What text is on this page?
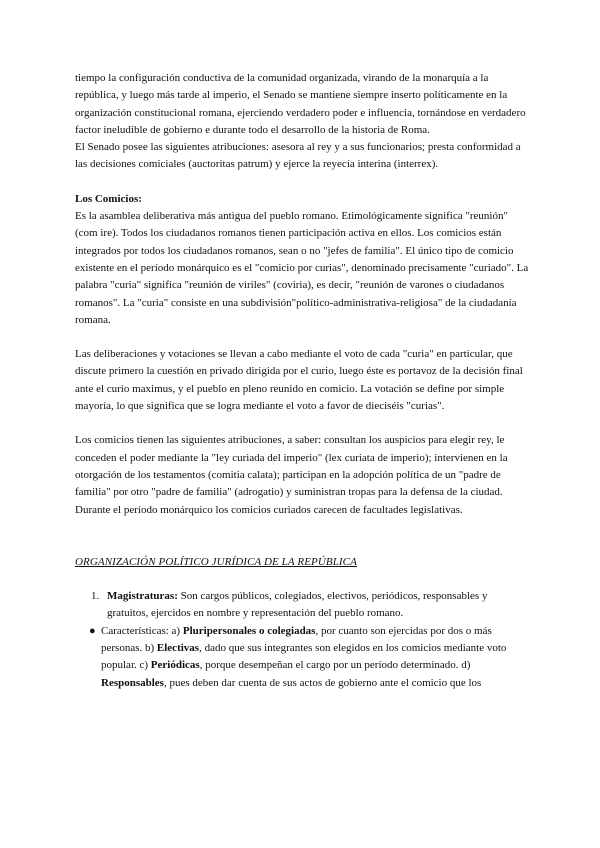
tiempo la configuración conductiva de la comunidad organizada, virando de la monarquía a la república, y luego más tarde al imperio, el Senado se mantiene siempre inserto políticamente en la organización constitucional romana, ejerciendo verdadero poder e influencia, tornándose en verdadero factor ineludible de gobierno e durante todo el desarrollo de la historia de Roma.

El Senado posee las siguientes atribuciones: asesora al rey y a sus funcionarios; presta conformidad a las decisiones comiciales (auctoritas patrum) y ejerce la reyecía interina (interrex).

Los Comicios:

Es la asamblea deliberativa más antigua del pueblo romano. Etimológicamente significa "reunión" (com ire). Todos los ciudadanos romanos tienen participación activa en ellos. Los comicios están integrados por todos los ciudadanos romanos, sean o no "jefes de familia". El único tipo de comicio existente en el período monárquico es el "comicio por curias", denominado precisamente "curiado". La palabra "curia" significa "reunión de viriles" (coviria), es decir, "reunión de varones o ciudadanos romanos". La "curia" consiste en una subdivisión"político-administrativa-religiosa" de la ciudadanía romana.

Las deliberaciones y votaciones se llevan a cabo mediante el voto de cada "curia" en particular, que discute primero la cuestión en privado dirigida por el curio, luego éste es portavoz de la decisión final ante el curio maximus, y el pueblo en pleno reunido en comicio. La votación se define por simple mayoría, lo que significa que se logra mediante el voto a favor de dieciséis "curias".

Los comicios tienen las siguientes atribuciones, a saber: consultan los auspicios para elegir rey, le conceden el poder mediante la "ley curiada del imperio" (lex curiata de imperio); intervienen en la otorgación de los testamentos (comitia calata); participan en la adopción política de un "padre de familia" por otro "padre de familia" (adrogatio) y suministran tropas para la defensa de la ciudad.

Durante el período monárquico los comicios curiados carecen de facultades legislativas.

ORGANIZACIÓN POLÍTICO JURÍDICA DE LA REPÚBLICA

1. Magistraturas: Son cargos públicos, colegiados, electivos, periódicos, responsables y gratuitos, ejercidos en nombre y representación del pueblo romano.
● Características: a) Pluripersonales o colegiadas, por cuanto son ejercidas por dos o más personas. b) Electivas, dado que sus integrantes son elegidos en los comicios mediante voto popular. c) Periódicas, porque desempeñan el cargo por un período determinado. d) Responsables, pues deben dar cuenta de sus actos de gobierno ante el comicio que los
